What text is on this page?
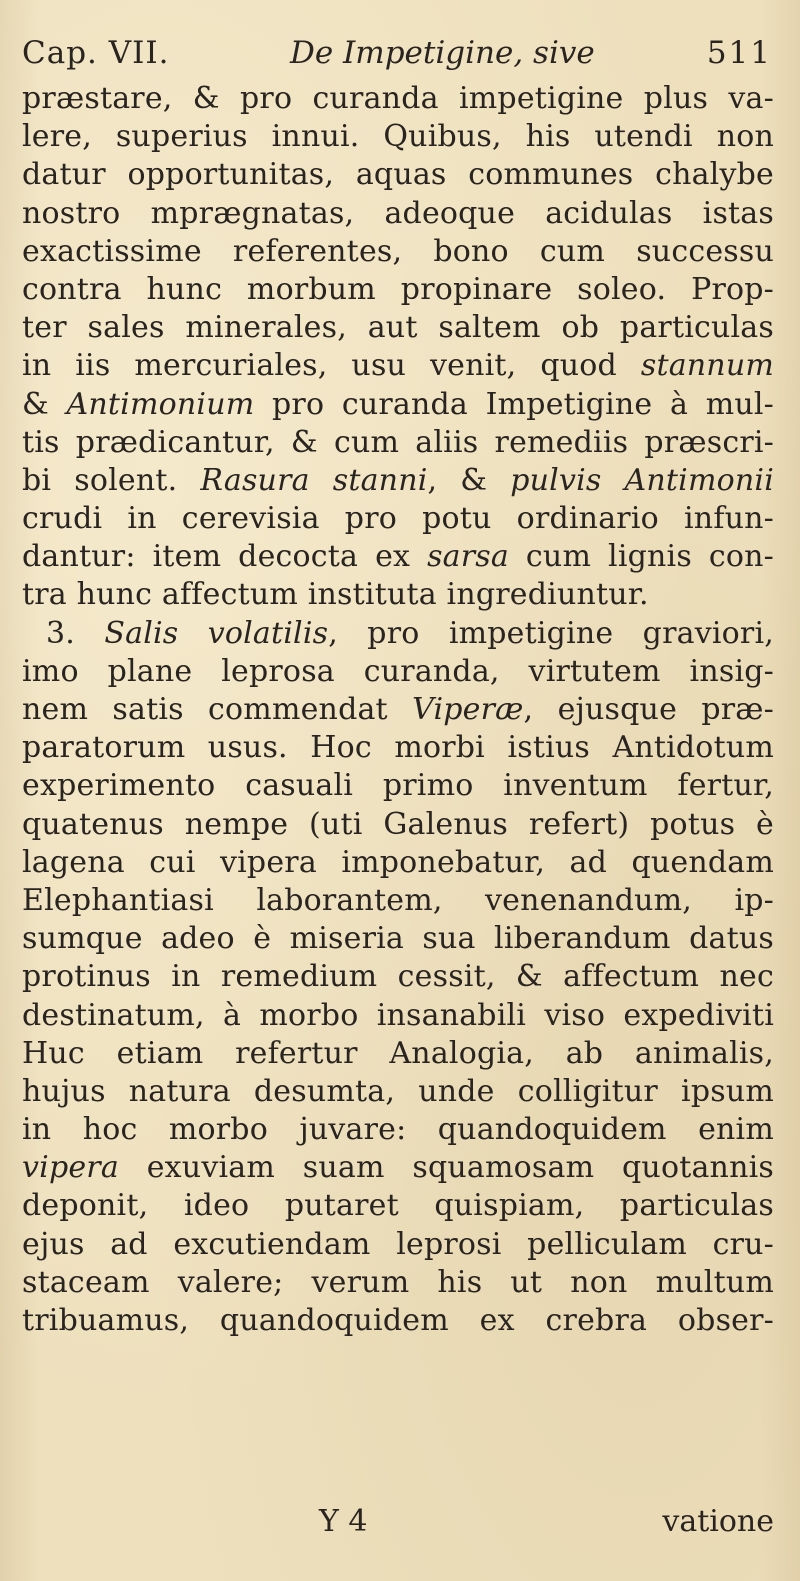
Cap. VII.	De Impetigine, sive	511
præstare, & pro curanda impetigine plus va-
lere, superius innui. Quibus, his utendi non
datur opportunitas, aquas communes chalybe
nostro mprægnatas, adeoque acidulas istas
exactissime referentes, bono cum successu
contra hunc morbum propinare soleo. Prop-
ter sales minerales, aut saltem ob particulas
in iis mercuriales, usu venit, quod stannum
& Antimonium pro curanda Impetigine à mul-
tis prædicantur, & cum aliis remediis præscri-
bi solent. Rasura stanni, & pulvis Antimonii
crudi in cerevisia pro potu ordinario infun-
dantur: item decocta ex sarsa cum lignis con-
tra hunc affectum instituta ingrediuntur.
3. Salis volatilis, pro impetigine graviori,
imo plane leprosa curanda, virtutem insig-
nem satis commendat Viperæ, ejusque præ-
paratorum usus. Hoc morbi istius Antidotum
experimento casuali primo inventum fertur,
quatenus nempe (uti Galenus refert) potus è
lagena cui vipera imponebatur, ad quendam
Elephantiasi laborantem, venenandum, ip-
sumque adeo è miseria sua liberandum datus
protinus in remedium cessit, & affectum nec
destinatum, à morbo insanabili viso expediviti
Huc etiam refertur Analogia, ab animalis,
hujus natura desumta, unde colligitur ipsum
in hoc morbo juvare: quandoquidem enim
vipera exuviam suam squamosam quotannis
deponit, ideo putaret quispiam, particulas
ejus ad excutiendam leprosi pelliculam cru-
staceam valere; verum his ut non multum
tribuamus, quandoquidem ex crebra obser-
Y 4	vatione
